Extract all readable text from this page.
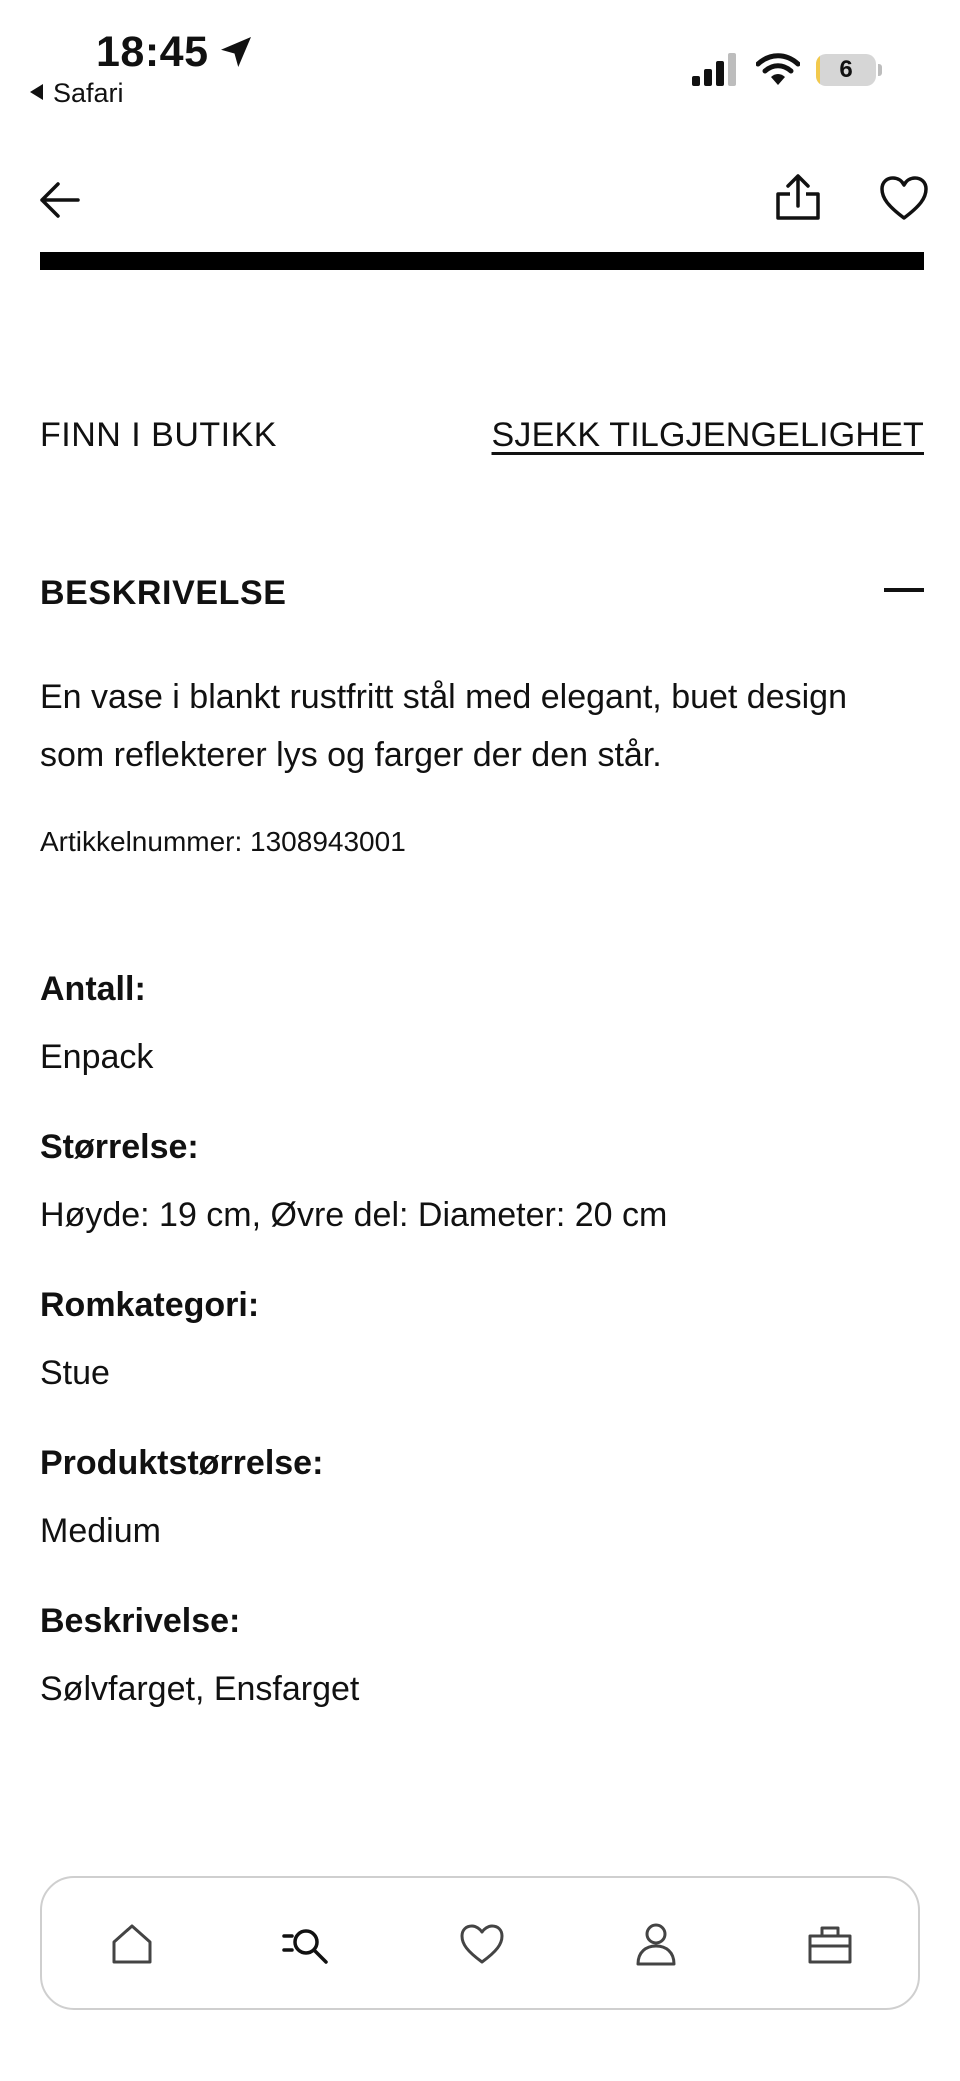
18:45
Safari
6
FINN I BUTIKK	SJEKK TILGJENGELIGHET
BESKRIVELSE
En vase i blankt rustfritt stål med elegant, buet design som reflekterer lys og farger der den står.
Artikkelnummer: 1308943001
Antall:
Enpack
Størrelse:
Høyde: 19 cm, Øvre del: Diameter: 20 cm
Romkategori:
Stue
Produktstørrelse:
Medium
Beskrivelse:
Sølvfarget, Ensfarget
